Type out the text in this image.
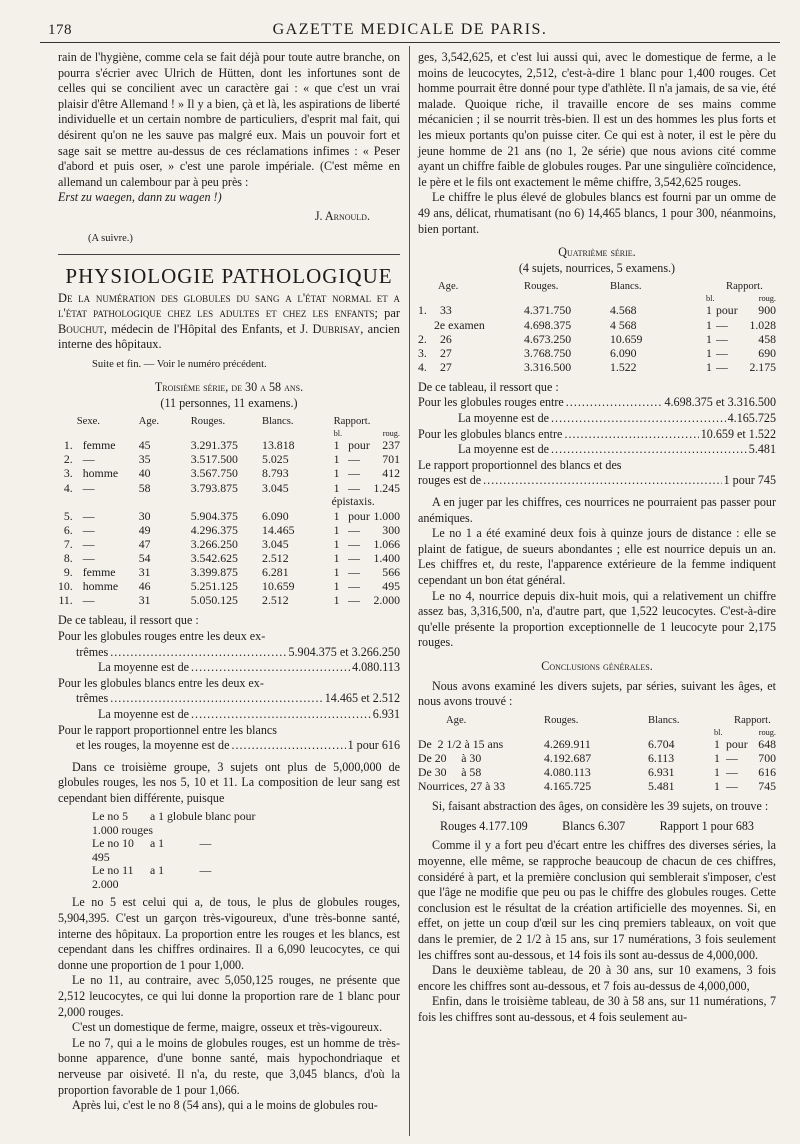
178	GAZETTE MEDICALE DE PARIS.

rain de l'hygiène, comme cela se fait déjà pour toute autre branche, on pourra s'écrier avec Ulrich de Hütten, dont les infortunes sont de celles qui se concilient avec un caractère gai : « que c'est un vrai plaisir d'être Allemand ! » Il y a bien, çà et là, les aspirations de liberté individuelle et un certain nombre de particuliers, d'esprit mal fait, qui désirent qu'on ne les sauve pas malgré eux. Mais un pouvoir fort et sage sait se mettre au-dessus de ces réclamations infimes : « Peser d'abord et puis oser, » c'est une parole impériale. (C'est même en allemand un calembour par à peu près :

Erst zu waegen, dann zu wagen !)

J. Arnould.
(A suivre.)
PHYSIOLOGIE PATHOLOGIQUE

De la numération des globules du sang a l'état normal et a l'état pathologique chez les adultes et chez les enfants; par Bouchut, médecin de l'Hôpital des Enfants, et J. Dubrisay, ancien interne des hôpitaux.

Suite et fin. — Voir le numéro précédent.

Troisième série, de 30 a 58 ans.

(11 personnes, 11 examens.)

	Sexe.	Age.	Rouges.	Blancs.	Rapport.		
					bl.		roug.
1.	femme	45	3.291.375	13.818	1	pour	237
2.	—	35	3.517.500	5.025	1	—	701
3.	homme	40	3.567.750	8.793	1	—	412
4.	—	58	3.793.875	3.045	1	—	1.245
					épistaxis.		
5.	—	30	5.904.375	6.090	1	pour	1.000
6.	—	49	4.296.375	14.465	1	—	300
7.	—	47	3.266.250	3.045	1	—	1.066
8.	—	54	3.542.625	2.512	1	—	1.400
9.	femme	31	3.399.875	6.281	1	—	566
10.	homme	46	5.251.125	10.659	1	—	495
11.	—	31	5.050.125	2.512	1	—	2.000

De ce tableau, il ressort que :

Pour les globules rouges entre les deux ex-
trêmes .....	5.904.375 et 3.266.250
La moyenne est de .....	4.080.113
Pour les globules blancs entre les deux ex-
trêmes .....	14.465 et 2.512
La moyenne est de .....	6.931
Pour le rapport proportionnel entre les blancs
et les rouges, la moyenne est de .....	1 pour 616

Dans ce troisième groupe, 3 sujets ont plus de 5,000,000 de globules rouges, les nos 5, 10 et 11. La composition de leur sang est cependant bien différente, puisque

Le no 5 a 1 globule blanc pour1.000 rouges
Le no 10 a 1            —495
Le no 11 a 1            —2.000

Le no 5 est celui qui a, de tous, le plus de globules rouges, 5,904,395. C'est un garçon très-vigoureux, d'une très-bonne santé, interne des hôpitaux. La proportion entre les rouges et les blancs, est cependant dans les chiffres ordinaires. Il a 6,090 leucocytes, ce qui donne une proportion de 1 pour 1,000.

Le no 11, au contraire, avec 5,050,125 rouges, ne présente que 2,512 leucocytes, ce qui lui donne la proportion rare de 1 blanc pour 2,000 rouges.

C'est un domestique de ferme, maigre, osseux et très-vigoureux.

Le no 7, qui a le moins de globules rouges, est un homme de très-bonne apparence, d'une bonne santé, mais hypochondriaque et nerveuse par oisiveté. Il n'a, du reste, que 3,045 blancs, d'où la proportion favorable de 1 pour 1,066.

Après lui, c'est le no 8 (54 ans), qui a le moins de globules rou-

ges, 3,542,625, et c'est lui aussi qui, avec le domestique de ferme, a le moins de leucocytes, 2,512, c'est-à-dire 1 blanc pour 1,400 rouges. Cet homme pourrait être donné pour type d'athlète. Il n'a jamais, de sa vie, été malade. Quoique riche, il travaille encore de ses mains comme mécanicien ; il se nourrit très-bien. Il est un des hommes les plus forts et les mieux portants qu'on puisse citer. Ce qui est à noter, il est le père du jeune homme de 21 ans (no 1, 2e série) que nous avions cité comme ayant un chiffre faible de globules rouges. Par une singulière coïncidence, le père et le fils ont exactement le même chiffre, 3,542,625 rouges.

Le chiffre le plus élevé de globules blancs est fourni par un omme de 49 ans, délicat, rhumatisant (no 6) 14,465 blancs, 1 pour 300, néanmoins, bien portant.

Quatrième série.

(4 sujets, nourrices, 5 examens.)

	Age.	Rouges.	Blancs.	Rapport.		
				bl.		roug.
1.	33	4.371.750	4.568	1	pour	900
	2e examen	4.698.375	4 568	1	—	1.028
2.	26	4.673.250	10.659	1	—	458
3.	27	3.768.750	6.090	1	—	690
4.	27	3.316.500	1.522	1	—	2.175

De ce tableau, il ressort que :

Pour les globules rouges entre .....	4.698.375 et 3.316.500
La moyenne est de .....	4.165.725
Pour les globules blancs entre .....	10.659 et 1.522
La moyenne est de .....	5.481
Le rapport proportionnel des blancs et des
rouges est de .....	1 pour 745

A en juger par les chiffres, ces nourrices ne pourraient pas passer pour anémiques.

Le no 1 a été examiné deux fois à quinze jours de distance : elle se plaint de fatigue, de sueurs abondantes ; elle est nourrice depuis un an. Les chiffres et, du reste, l'apparence extérieure de la femme indiquent cependant un bon état général.

Le no 4, nourrice depuis dix-huit mois, qui a relativement un chiffre assez bas, 3,316,500, n'a, d'autre part, que 1,522 leucocytes. C'est-à-dire qu'elle présente la proportion exceptionnelle de 1 leucocyte pour 2,175 rouges.

Conclusions générales.

Nous avons examiné les divers sujets, par séries, suivant les âges, et nous avons trouvé :

Age.	Rouges.	Blancs.	Rapport.		
			bl.		roug.
De  2 1/2 à 15 ans	4.269.911	6.704	1	pour	648
De 20     à 30	4.192.687	6.113	1	—	700
De 30     à 58	4.080.113	6.931	1	—	616
Nourrices, 27 à 33	4.165.725	5.481	1	—	745

Si, faisant abstraction des âges, on considère les 39 sujets, on trouve :

Rouges 4.177.109	Blancs 6.307	Rapport 1 pour 683

Comme il y a fort peu d'écart entre les chiffres des diverses séries, la moyenne, elle même, se rapproche beaucoup de chacun de ces chiffres, considéré à part, et la première conclusion qui semblerait s'imposer, c'est que l'âge ne modifie que peu ou pas le chiffre des globules rouges. Cette conclusion est le résultat de la création artificielle des moyennes. Si, en effet, on jette un coup d'œil sur les cinq premiers tableaux, on voit que dans le premier, de 2 1/2 à 15 ans, sur 17 numérations, 3 fois seulement les chiffres sont au-dessous, et 14 fois ils sont au-dessus de 4,000,000.

Dans le deuxième tableau, de 20 à 30 ans, sur 10 examens, 3 fois encore les chiffres sont au-dessous, et 7 fois au-dessus de 4,000,000,

Enfin, dans le troisième tableau, de 30 à 58 ans, sur 11 numérations, 7 fois les chiffres sont au-dessous, et 4 fois seulement au-
